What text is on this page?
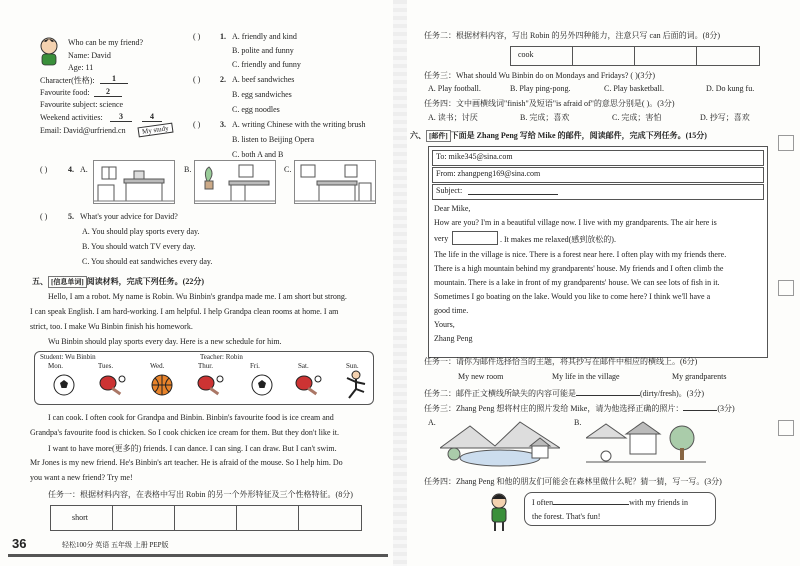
Who can be my friend?
Name: David
Age: 11
Character(性格):	1
Favourite food:	2
Favourite subject: science
Weekend activities:	3
Email: David@urfriend.cn
4
My study
( ) 1. A. friendly and kind
B. polite and funny
C. friendly and funny
( ) 2. A. beef sandwiches
B. egg sandwiches
C. egg noodles
( ) 3. A. writing Chinese with the writing brush
B. listen to Beijing Opera
C. both A and B
( )	4. A.	B.	C.
( )	5. What's your advice for David?
A. You should play sports every day.
B. You should watch TV every day.
C. You should eat sandwiches every day.
五、 [信息单词] 阅读材料，完成下列任务。(22分)
Hello, I am a robot. My name is Robin. Wu Binbin's grandpa made me. I am short but strong.
I can speak English. I am hard-working. I am helpful. I help Grandpa clean rooms at home. I am
strict, too. I make Wu Binbin finish his homework.
Wu Binbin should play sports every day. Here is a new schedule for him.
Student: Wu Binbin	Teacher: Robin
Mon.	Tues.	Wed.	Thur.	Fri.	Sat.	Sun.
I can cook. I often cook for Grandpa and Binbin. Binbin's favourite food is ice cream and
Grandpa's favourite food is chicken. So I cook chicken ice cream for them. But they don't like it.
I want to have more(更多的) friends. I can dance. I can sing. I can draw. But I can't swim.
Mr Jones is my new friend. He's Binbin's art teacher. He is afraid of the mouse. So I help him. Do
you want a new friend? Try me!
任务一：根据材料内容，在表格中写出 Robin 的另一个外形特征及三个性格特征。(8分)
short
36	轻松100分 英语 五年级 上册 PEP版
任务二：根据材料内容，写出 Robin 的另外四种能力，注意只写 can 后面的词。(8分)
cook
任务三：What should Wu Binbin do on Mondays and Fridays? ( )(3分)
A. Play football.	B. Play ping-pong.	C. Play basketball.	D. Do kung fu.
任务四：文中画横线词"finish"及短语"is afraid of"的意思分别是( )。(3分)
A. 读书；讨厌	B. 完成；喜欢	C. 完成；害怕	D. 抄写；喜欢
六、 [邮件] 下面是 Zhang Peng 写给 Mike 的邮件，阅读邮件，完成下列任务。(15分)
To: mike345@sina.com
From: zhangpeng169@sina.com
Subject:
Dear Mike,
How are you? I'm in a beautiful village now. I live with my grandparents. The air here is
very	. It makes me relaxed(感到放松的).
The life in the village is nice. There is a forest near here. I often play with my friends there.
There is a high mountain behind my grandparents' house. My friends and I often climb the
mountain. There is a lake in front of my grandparents' house. We can see lots of fish in it.
Sometimes I go boating on the lake. Would you like to come here? I think we'll have a
good time.
Yours,
Zhang Peng
任务一：请你为邮件选择恰当的主题，将其抄写在邮件中相应的横线上。(6分)
My new room	My life in the village	My grandparents
任务二：邮件正文横线所缺失的内容可能是	(dirty/fresh)。(3分)
任务三：Zhang Peng 想将村庄的照片发给 Mike，请为他选择正确的照片：	(3分)
A.	B.
任务四：Zhang Peng 和他的朋友们可能会在森林里做什么呢？猜一猜，写一写。(3分)
I often	with my friends in
the forest. That's fun!
